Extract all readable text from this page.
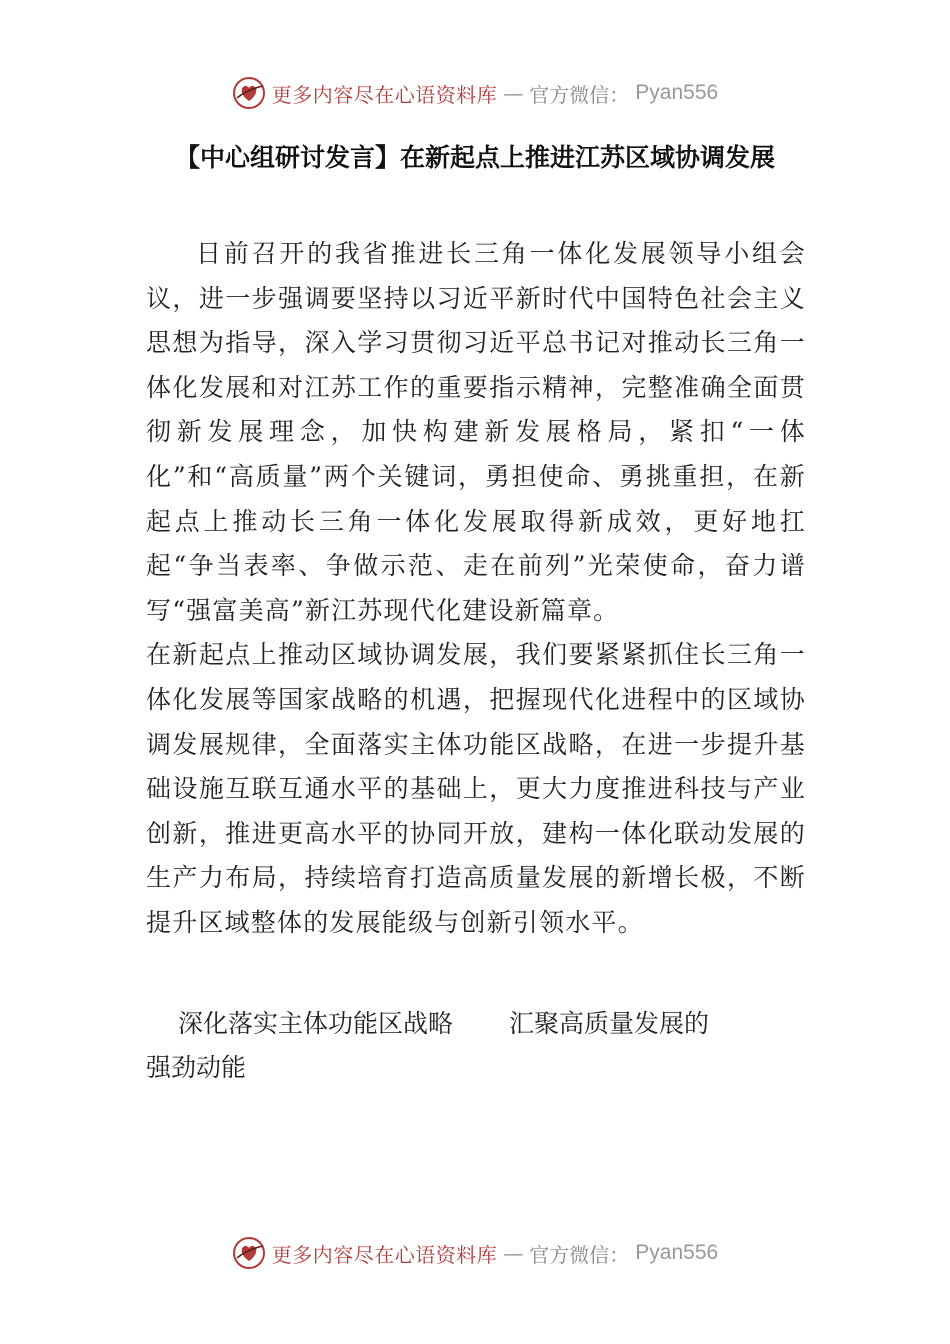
更多内容尽在心语资料库 — 官方微信： Pyan556
【中心组研讨发言】在新起点上推进江苏区域协调发展

日前召开的我省推进长三角一体化发展领导小组会议，进一步强调要坚持以习近平新时代中国特色社会主义思想为指导，深入学习贯彻习近平总书记对推动长三角一体化发展和对江苏工作的重要指示精神，完整准确全面贯彻新发展理念，加快构建新发展格局，紧扣“一体化”和“高质量”两个关键词，勇担使命、勇挑重担，在新起点上推动长三角一体化发展取得新成效，更好地扛起“争当表率、争做示范、走在前列”光荣使命，奋力谱写“强富美高”新江苏现代化建设新篇章。

在新起点上推动区域协调发展，我们要紧紧抓住长三角一体化发展等国家战略的机遇，把握现代化进程中的区域协调发展规律，全面落实主体功能区战略，在进一步提升基础设施互联互通水平的基础上，更大力度推进科技与产业创新，推进更高水平的协同开放，建构一体化联动发展的生产力布局，持续培育打造高质量发展的新增长极，不断提升区域整体的发展能级与创新引领水平。

深化落实主体功能区战略 汇聚高质量发展的
强劲动能
更多内容尽在心语资料库 — 官方微信： Pyan556
